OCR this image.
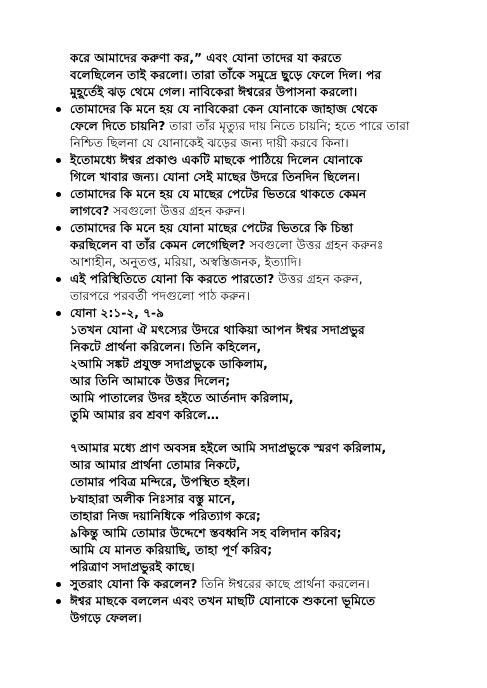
করে আমাদের করুণা কর,” এবং যোনা তাদের যা করতে
বলেছিলেন তাই করলো। তারা তাঁকে সমুদ্রে ছুড়ে ফেলে দিল। পর
মুহূর্তেই ঝড় থেমে গেল। নাবিকেরা ঈশ্বরের উপাসনা করলো।
তোমাদের কি মনে হয় যে নাবিকেরা কেন যোনাকে জাহাজ থেকে
ফেলে দিতে চায়নি? তারা তাঁর মৃত্যুর দায় নিতে চায়নি; হতে পারে তারা
নিশ্চিত ছিলনা যে যোনাকেই ঝড়ের জন্য দায়ী করবে কিনা।
ইতোমধ্যে ঈশ্বর প্রকাণ্ড একটি মাছকে পাঠিয়ে দিলেন যোনাকে
গিলে খাবার জন্য। যোনা সেই মাছের উদরে তিনদিন ছিলেন।
তোমাদের কি মনে হয় যে মাছের পেটের ভিতরে থাকতে কেমন
লাগবে? সবগুলো উত্তর গ্রহন করুন।
তোমাদের কি মনে হয় যোনা মাছের পেটের ভিতরে কি চিন্তা
করছিলেন বা তাঁর কেমন লেগেছিল? সবগুলো উত্তর গ্রহন করুনঃ
আশাহীন, অনুতপ্ত, মরিয়া, অস্বস্তিজনক, ইত্যাদি।
এই পরিস্থিতিতে যোনা কি করতে পারতো? উত্তর গ্রহন করুন,
তারপরে পরবর্তী পদগুলো পাঠ করুন।
যোনা ২:১-২, ৭-৯
১তখন যোনা ঐ মৎস্যের উদরে থাকিয়া আপন ঈশ্বর সদাপ্রভুর
নিকটে প্রার্থনা করিলেন। তিনি কহিলেন,
২আমি সঙ্কট প্রযুক্ত সদাপ্রভুকে ডাকিলাম,
আর তিনি আমাকে উত্তর দিলেন;
আমি পাতালের উদর হইতে আর্তনাদ করিলাম,
তুমি আমার রব শ্রবণ করিলে…
৭আমার মধ্যে প্রাণ অবসন্ন হইলে আমি সদাপ্রভুকে স্মরণ করিলাম,
আর আমার প্রার্থনা তোমার নিকটে,
তোমার পবিত্র মন্দিরে, উপস্থিত হইল।
৮যাহারা অলীক নিঃসার বস্তু মানে,
তাহারা নিজ দয়ানিধিকে পরিত্যাগ করে;
৯কিন্তু আমি তোমার উদ্দেশে স্তবধ্বনি সহ বলিদান করিব;
আমি যে মানত করিয়াছি, তাহা পূর্ণ করিব;
পরিত্রাণ সদাপ্রভুরই কাছে।
সুতরাং যোনা কি করলেন? তিনি ঈশ্বরের কাছে প্রার্থনা করলেন।
ঈশ্বর মাছকে বললেন এবং তখন মাছটি যোনাকে শুকনো ভূমিতে
উগড়ে ফেলল।
